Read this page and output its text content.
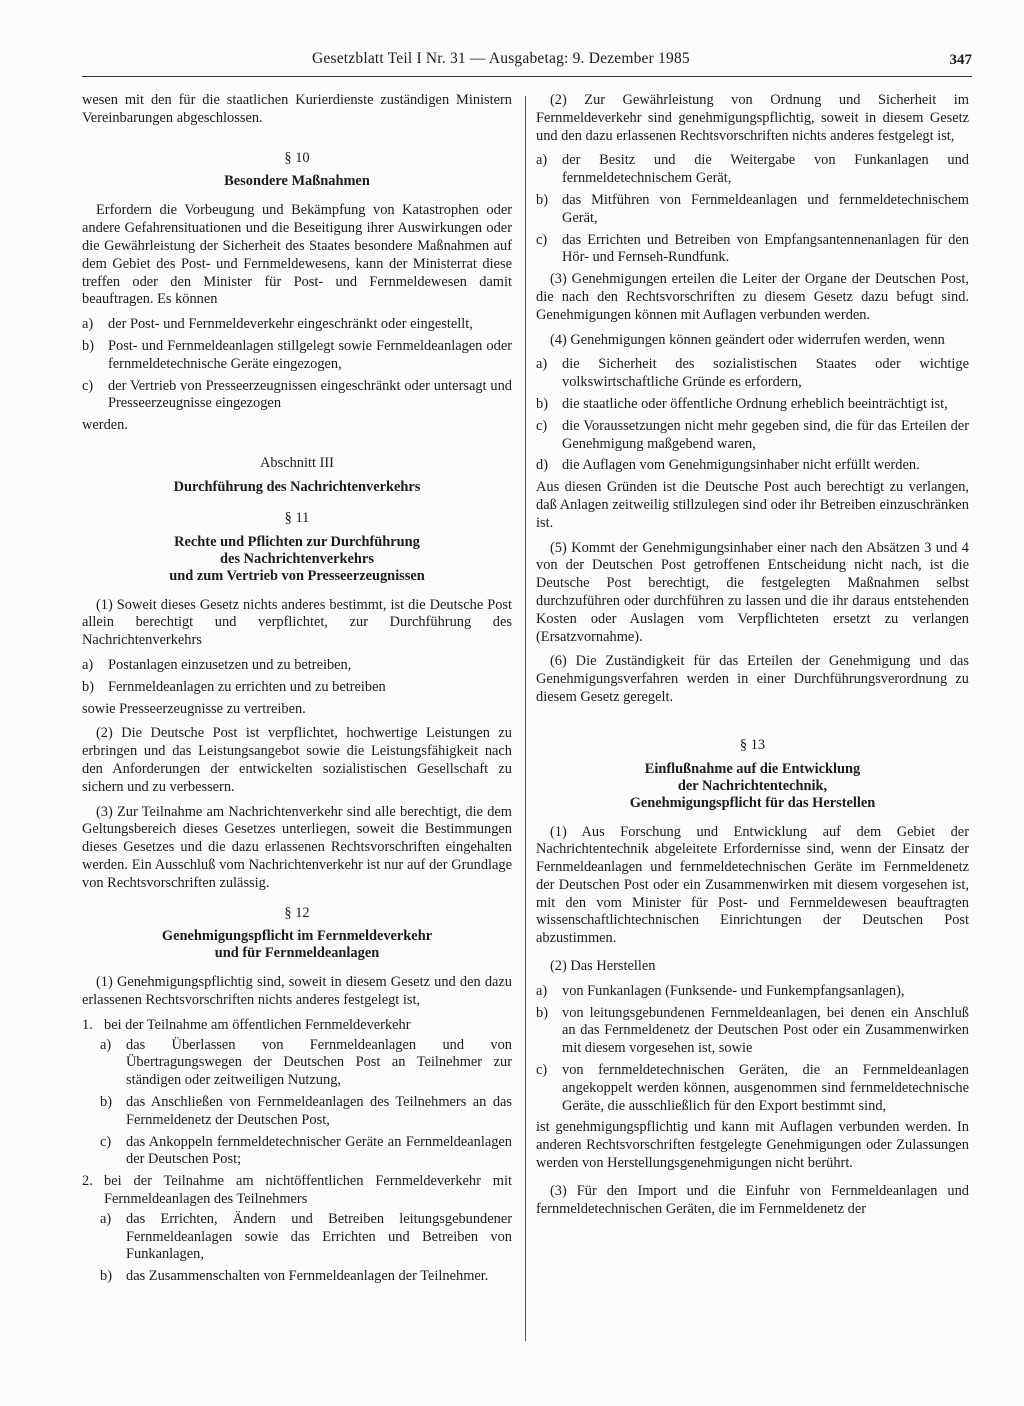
Gesetzblatt Teil I Nr. 31 — Ausgabetag: 9. Dezember 1985	347

wesen mit den für die staatlichen Kurierdienste zuständigen Ministern Vereinbarungen abgeschlossen.

§ 10
Besondere Maßnahmen

Erfordern die Vorbeugung und Bekämpfung von Katastrophen oder andere Gefahrensituationen und die Beseitigung ihrer Auswirkungen oder die Gewährleistung der Sicherheit des Staates besondere Maßnahmen auf dem Gebiet des Post- und Fernmeldewesens, kann der Ministerrat diese treffen oder den Minister für Post- und Fernmeldewesen damit beauftragen. Es können

a)	der Post- und Fernmeldeverkehr eingeschränkt oder eingestellt,
b) Post- und Fernmeldeanlagen stillgelegt sowie Fernmeldeanlagen oder fernmeldetechnische Geräte eingezogen,
c)	der Vertrieb von Presseerzeugnissen eingeschränkt oder untersagt und Presseerzeugnisse eingezogen

werden.

Abschnitt III
Durchführung des Nachrichtenverkehrs
§ 11
Rechte und Pflichten zur Durchführung
des Nachrichtenverkehrs
und zum Vertrieb von Presseerzeugnissen

(1) Soweit dieses Gesetz nichts anderes bestimmt, ist die Deutsche Post allein berechtigt und verpflichtet, zur Durchführung des Nachrichtenverkehrs

a)	Postanlagen einzusetzen und zu betreiben,
b) Fernmeldeanlagen zu errichten und zu betreiben

sowie Presseerzeugnisse zu vertreiben.

(2) Die Deutsche Post ist verpflichtet, hochwertige Leistungen zu erbringen und das Leistungsangebot sowie die Leistungsfähigkeit nach den Anforderungen der entwickelten sozialistischen Gesellschaft zu sichern und zu verbessern.

(3) Zur Teilnahme am Nachrichtenverkehr sind alle berechtigt, die dem Geltungsbereich dieses Gesetzes unterliegen, soweit die Bestimmungen dieses Gesetzes und die dazu erlassenen Rechtsvorschriften eingehalten werden. Ein Ausschluß vom Nachrichtenverkehr ist nur auf der Grundlage von Rechtsvorschriften zulässig.

§ 12
Genehmigungspflicht im Fernmeldeverkehr
und für Fernmeldeanlagen

(1) Genehmigungspflichtig sind, soweit in diesem Gesetz und den dazu erlassenen Rechtsvorschriften nichts anderes festgelegt ist,

1. bei der Teilnahme am öffentlichen Fernmeldeverkehr
a)	das Überlassen von Fernmeldeanlagen und von Übertragungswegen der Deutschen Post an Teilnehmer zur ständigen oder zeitweiligen Nutzung,
b) das Anschließen von Fernmeldeanlagen des Teilnehmers an das Fernmeldenetz der Deutschen Post,
c)	das Ankoppeln fernmeldetechnischer Geräte an Fernmeldeanlagen der Deutschen Post;
2. bei der Teilnahme am nichtöffentlichen Fernmeldeverkehr mit Fernmeldeanlagen des Teilnehmers
a)	das Errichten, Ändern und Betreiben leitungsgebundener Fernmeldeanlagen sowie das Errichten und Betreiben von Funkanlagen,
b) das Zusammenschalten von Fernmeldeanlagen der Teilnehmer.

(2) Zur Gewährleistung von Ordnung und Sicherheit im Fernmeldeverkehr sind genehmigungspflichtig, soweit in diesem Gesetz und den dazu erlassenen Rechtsvorschriften nichts anderes festgelegt ist,

a)	der Besitz und die Weitergabe von Funkanlagen und fernmeldetechnischem Gerät,
b) das Mitführen von Fernmeldeanlagen und fernmeldetechnischem Gerät,
c)	das Errichten und Betreiben von Empfangsantennenanlagen für den Hör- und Fernseh-Rundfunk.

(3) Genehmigungen erteilen die Leiter der Organe der Deutschen Post, die nach den Rechtsvorschriften zu diesem Gesetz dazu befugt sind. Genehmigungen können mit Auflagen verbunden werden.

(4) Genehmigungen können geändert oder widerrufen werden, wenn

a)	die Sicherheit des sozialistischen Staates oder wichtige volkswirtschaftliche Gründe es erfordern,
b) die staatliche oder öffentliche Ordnung erheblich beeinträchtigt ist,
c)	die Voraussetzungen nicht mehr gegeben sind, die für das Erteilen der Genehmigung maßgebend waren,
d) die Auflagen vom Genehmigungsinhaber nicht erfüllt werden.

Aus diesen Gründen ist die Deutsche Post auch berechtigt zu verlangen, daß Anlagen zeitweilig stillzulegen sind oder ihr Betreiben einzuschränken ist.

(5) Kommt der Genehmigungsinhaber einer nach den Absätzen 3 und 4 von der Deutschen Post getroffenen Entscheidung nicht nach, ist die Deutsche Post berechtigt, die festgelegten Maßnahmen selbst durchzuführen oder durchführen zu lassen und die ihr daraus entstehenden Kosten oder Auslagen vom Verpflichteten ersetzt zu verlangen (Ersatzvornahme).

(6) Die Zuständigkeit für das Erteilen der Genehmigung und das Genehmigungsverfahren werden in einer Durchführungsverordnung zu diesem Gesetz geregelt.

§ 13
Einflußnahme auf die Entwicklung
der Nachrichtentechnik,
Genehmigungspflicht für das Herstellen

(1) Aus Forschung und Entwicklung auf dem Gebiet der Nachrichtentechnik abgeleitete Erfordernisse sind, wenn der Einsatz der Fernmeldeanlagen und fernmeldetechnischen Geräte im Fernmeldenetz der Deutschen Post oder ein Zusammenwirken mit diesem vorgesehen ist, mit den vom Minister für Post- und Fernmeldewesen beauftragten wissenschaftlichtechnischen Einrichtungen der Deutschen Post abzustimmen.

(2) Das Herstellen

a)	von Funkanlagen (Funksende- und Funkempfangsanlagen),
b) von leitungsgebundenen Fernmeldeanlagen, bei denen ein Anschluß an das Fernmeldenetz der Deutschen Post oder ein Zusammenwirken mit diesem vorgesehen ist, sowie
c)	von fernmeldetechnischen Geräten, die an Fernmeldeanlagen angekoppelt werden können, ausgenommen sind fernmeldetechnische Geräte, die ausschließlich für den Export bestimmt sind,

ist genehmigungspflichtig und kann mit Auflagen verbunden werden. In anderen Rechtsvorschriften festgelegte Genehmigungen oder Zulassungen werden von Herstellungsgenehmigungen nicht berührt.

(3) Für den Import und die Einfuhr von Fernmeldeanlagen und fernmeldetechnischen Geräten, die im Fernmeldenetz der
